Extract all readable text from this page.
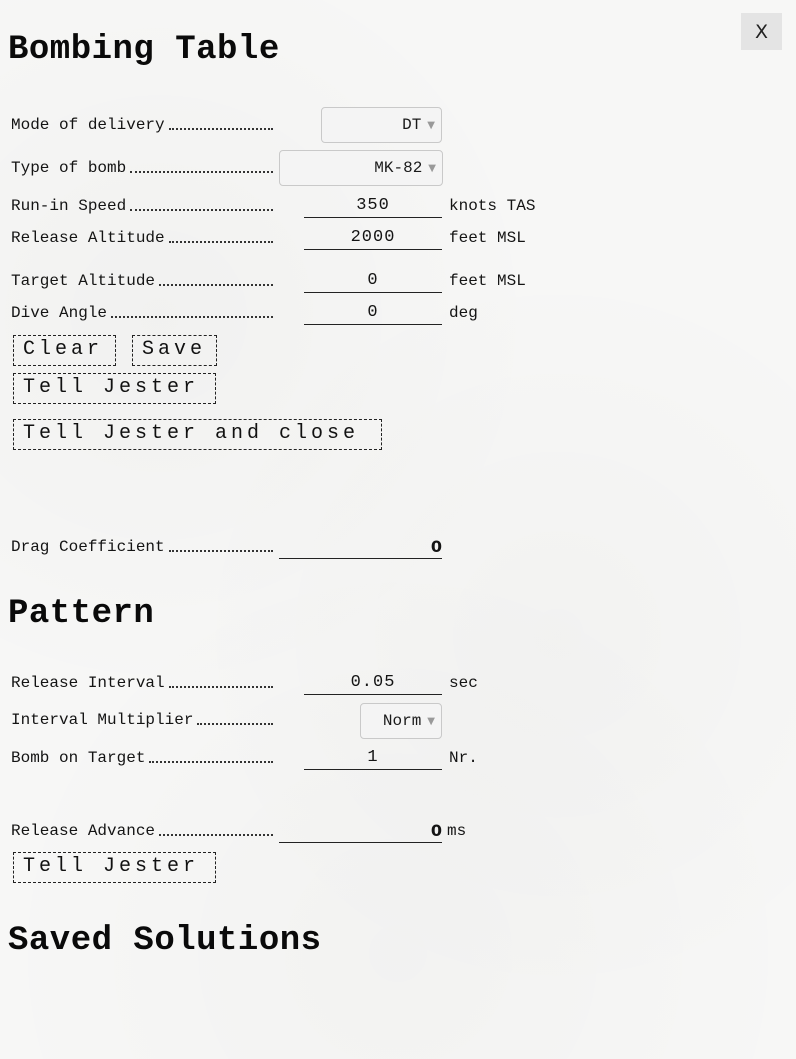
X
Bombing Table
Mode of delivery	DT ▼
Type of bomb	MK-82 ▼
Run-in Speed	350	knots TAS
Release Altitude	2000	feet MSL
Target Altitude	0	feet MSL
Dive Angle	0	deg
Clear	Save
Tell Jester
Tell Jester and close
Drag Coefficient	0
Pattern
Release Interval	0.05	sec
Interval Multiplier	Norm ▼
Bomb on Target	1	Nr.
Release Advance	0 ms
Tell Jester
Saved Solutions
